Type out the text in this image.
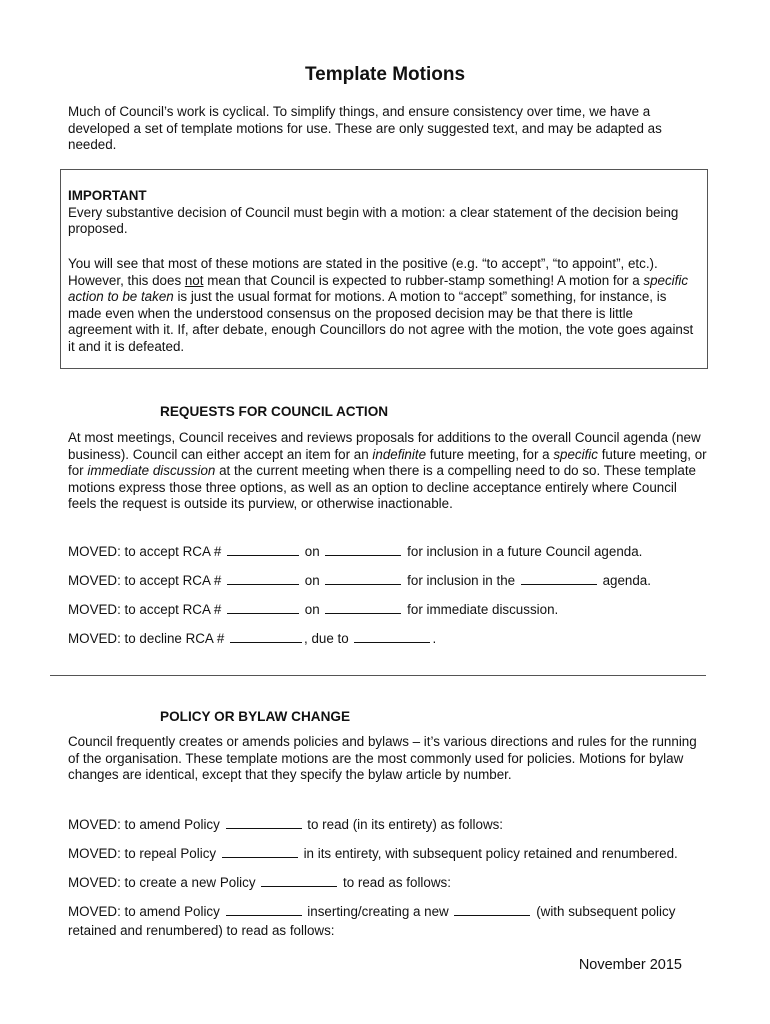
Template Motions
Much of Council’s work is cyclical. To simplify things, and ensure consistency over time, we have a developed a set of template motions for use. These are only suggested text, and may be adapted as needed.
IMPORTANT
Every substantive decision of Council must begin with a motion: a clear statement of the decision being proposed.
You will see that most of these motions are stated in the positive (e.g. “to accept”, “to appoint”, etc.). However, this does not mean that Council is expected to rubber-stamp something! A motion for a specific action to be taken is just the usual format for motions. A motion to “accept” something, for instance, is made even when the understood consensus on the proposed decision may be that there is little agreement with it. If, after debate, enough Councillors do not agree with the motion, the vote goes against it and it is defeated.
REQUESTS FOR COUNCIL ACTION
At most meetings, Council receives and reviews proposals for additions to the overall Council agenda (new business). Council can either accept an item for an indefinite future meeting, for a specific future meeting, or for immediate discussion at the current meeting when there is a compelling need to do so. These template motions express those three options, as well as an option to decline acceptance entirely where Council feels the request is outside its purview, or otherwise inactionable.
MOVED: to accept RCA #	on	for inclusion in a future Council agenda.
MOVED: to accept RCA #	on	for inclusion in the	agenda.
MOVED: to accept RCA #	on	for immediate discussion.
MOVED: to decline RCA #	, due to	.
POLICY OR BYLAW CHANGE
Council frequently creates or amends policies and bylaws – it’s various directions and rules for the running of the organisation. These template motions are the most commonly used for policies. Motions for bylaw changes are identical, except that they specify the bylaw article by number.
MOVED: to amend Policy	to read (in its entirety) as follows:
MOVED: to repeal Policy	in its entirety, with subsequent policy retained and renumbered.
MOVED: to create a new Policy	to read as follows:
MOVED: to amend Policy	inserting/creating a new	(with subsequent policy
retained and renumbered) to read as follows:
November 2015
